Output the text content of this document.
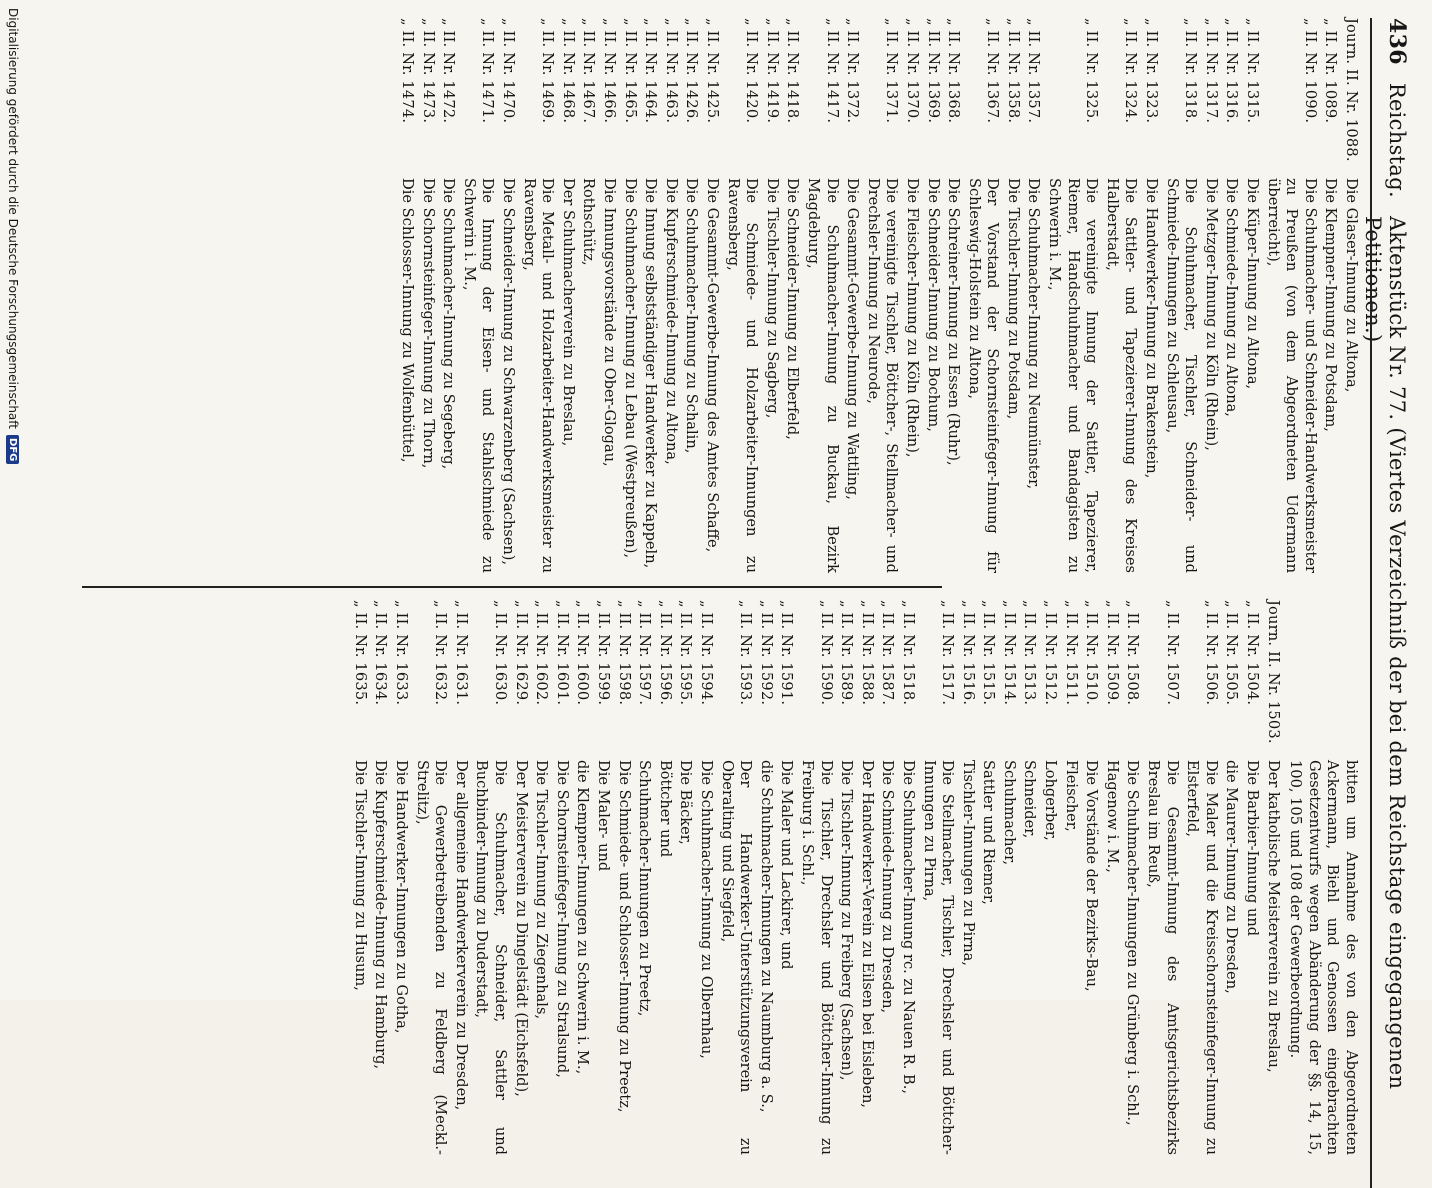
436
Reichstag.
Aktenstück Nr. 77. (Viertes Verzeichniß der bei dem Reichstage eingegangenen Petitionen.)
Journ. II. Nr. 1088.
Die Glaser-Innung zu Altona,
„ II. Nr. 1089.
Die Klempner-Innung zu Potsdam,
„ II. Nr. 1090.
Die Schuhmacher- und Schneider-Handwerksmeister zu Preußen (von dem Abgeordneten Udermann überreicht),
„ II. Nr. 1315.
Die Küper-Innung zu Altona,
„ II. Nr. 1316.
Die Schmiede-Innung zu Altona,
„ II. Nr. 1317.
Die Metzger-Innung zu Köln (Rhein),
„ II. Nr. 1318.
Die Schuhmacher, Tischler, Schneider- und Schmiede-Innungen zu Schleusau,
„ II. Nr. 1323.
Die Handwerker-Innung zu Brakenstein,
„ II. Nr. 1324.
Die Sattler- und Tapezierer-Innung des Kreises Halberstadt,
„ II. Nr. 1325.
Die vereinigte Innung der Sattler, Tapezierer, Riemer, Handschuhmacher und Bandagisten zu Schwerin i. M.,
„ II. Nr. 1357.
Die Schuhmacher-Innung zu Neumünster,
„ II. Nr. 1358.
Die Tischler-Innung zu Potsdam,
„ II. Nr. 1367.
Der Vorstand der Schornsteinfeger-Innung für Schleswig-Holstein zu Altona,
„ II. Nr. 1368.
Die Schreiner-Innung zu Essen (Ruhr),
„ II. Nr. 1369.
Die Schneider-Innung zu Bochum,
„ II. Nr. 1370.
Die Fleischer-Innung zu Köln (Rhein),
„ II. Nr. 1371.
Die vereinigte Tischler, Böttcher-, Stellmacher- und Drechsler-Innung zu Neurode,
„ II. Nr. 1372.
Die Gesammt-Gewerbe-Innung zu Wattling,
„ II. Nr. 1417.
Die Schuhmacher-Innung zu Buckau, Bezirk Magdeburg,
„ II. Nr. 1418.
Die Schneider-Innung zu Elberfeld,
„ II. Nr. 1419.
Die Tischler-Innung zu Sagberg,
„ II. Nr. 1420.
Die Schmiede- und Holzarbeiter-Innungen zu Ravensberg,
„ II. Nr. 1425.
Die Gesammt-Gewerbe-Innung des Amtes Schaffe,
„ II. Nr. 1426.
Die Schuhmacher-Innung zu Schalin,
„ II. Nr. 1463.
Die Kupferschmiede-Innung zu Altona,
„ II. Nr. 1464.
Die Innung selbstständiger Handwerker zu Kappeln,
„ II. Nr. 1465.
Die Schuhmacher-Innung zu Lebau (Westpreußen),
„ II. Nr. 1466.
Die Innungsvorstände zu Ober-Glogau,
„ II. Nr. 1467.
Rothschütz,
„ II. Nr. 1468.
Der Schuhmacherverein zu Breslau,
„ II. Nr. 1469.
Die Metall- und Holzarbeiter-Handwerksmeister zu Ravensberg,
„ II. Nr. 1470.
Die Schneider-Innung zu Schwarzenberg (Sachsen),
„ II. Nr. 1471.
Die Innung der Eisen- und Stahlschmiede zu Schwerin i. M.,
„ II. Nr. 1472.
Die Schuhmacher-Innung zu Segeberg,
„ II. Nr. 1473.
Die Schornsteinfeger-Innung zu Thorn,
„ II. Nr. 1474.
Die Schlosser-Innung zu Wolfenbüttel,

bitten um Annahme des von den Abgeordneten Ackermann, Biehl und Genossen eingebrachten Gesetzentwurfs wegen Abänderung der §§. 14, 15, 100, 105 und 108 der Gewerbeordnung.

Journ. II. Nr. 1503.
Der katholische Meisterverein zu Breslau,
„ II. Nr. 1504.
Die Barbier-Innung und
„ II. Nr. 1505.
die Maurer-Innung zu Dresden,
„ II. Nr. 1506.
Die Maler und die Kreisschornsteinfeger-Innung zu Elsterfeld,
„ II. Nr. 1507.
Die Gesammt-Innung des Amtsgerichtsbezirks Breslau im Reuß,
„ II. Nr. 1508.
Die Schuhmacher-Innungen zu Grünberg i. Schl.,
„ II. Nr. 1509.
Hagenow i. M.,
„ II. Nr. 1510.
Die Vorstände der Bezirks-Bau,
„ II. Nr. 1511.
Fleischer,
„ II. Nr. 1512.
Lohgerber,
„ II. Nr. 1513.
Schneider,
„ II. Nr. 1514.
Schuhmacher,
„ II. Nr. 1515.
Sattler und Riemer,
„ II. Nr. 1516.
Tischler-Innungen zu Pirna,
„ II. Nr. 1517.
Die Stellmacher, Tischler, Drechsler und Böttcher-Innungen zu Pirna,
„ II. Nr. 1518.
Die Schuhmacher-Innung rc. zu Nauen R. B.,
„ II. Nr. 1587.
Die Schmiede-Innung zu Dresden,
„ II. Nr. 1588.
Der Handwerker-Verein zu Eilsen bei Eisleben,
„ II. Nr. 1589.
Die Tischler-Innung zu Freiberg (Sachsen),
„ II. Nr. 1590.
Die Tischler, Drechsler und Böttcher-Innung zu Freiburg i. Schl.,
„ II. Nr. 1591.
Die Maler und Lackirer, und
„ II. Nr. 1592.
die Schuhmacher-Innungen zu Naumburg a. S.,
„ II. Nr. 1593.
Der Handwerker-Unterstützungsverein zu Oberalting und Siegfeld,
„ II. Nr. 1594.
Die Schuhmacher-Innung zu Olbernhau,
„ II. Nr. 1595.
Die Bäcker,
„ II. Nr. 1596.
Böttcher und
„ II. Nr. 1597.
Schuhmacher-Innungen zu Preetz,
„ II. Nr. 1598.
Die Schmiede- und Schlosser-Innung zu Preetz,
„ II. Nr. 1599.
Die Maler- und
„ II. Nr. 1600.
die Klempner-Innungen zu Schwerin i. M.,
„ II. Nr. 1601.
Die Schornsteinfeger-Innung zu Stralsund,
„ II. Nr. 1602.
Die Tischler-Innung zu Ziegenhals,
„ II. Nr. 1629.
Der Meisterverein zu Dingelstädt (Eichsfeld),
„ II. Nr. 1630.
Die Schuhmacher, Schneider, Sattler und Buchbinder-Innung zu Duderstadt,
„ II. Nr. 1631.
Der allgemeine Handwerkerverein zu Dresden,
„ II. Nr. 1632.
Die Gewerbetreibenden zu Feldberg (Meckl.-Strelitz),
„ II. Nr. 1633.
Die Handwerker-Innungen zu Gotha,
„ II. Nr. 1634.
Die Kupferschmiede-Innung zu Hamburg,
„ II. Nr. 1635.
Die Tischler-Innung zu Husum,
Digitalisierung gefördert durch die Deutsche Forschungsgemeinschaft
DFG
